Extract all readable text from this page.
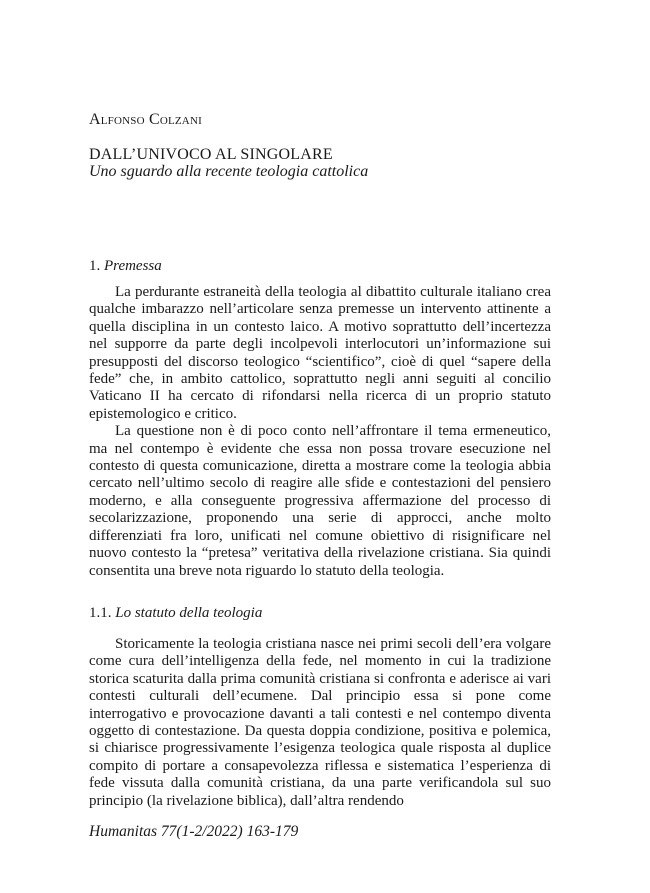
Alfonso Colzani
DALL’UNIVOCO AL SINGOLARE
Uno sguardo alla recente teologia cattolica
1. Premessa

La perdurante estraneità della teologia al dibattito culturale italiano crea qualche imbarazzo nell’articolare senza premesse un intervento attinente a quella disciplina in un contesto laico. A motivo soprattutto dell’incertezza nel supporre da parte degli incolpevoli interlocutori un’informazione sui presupposti del discorso teologico “scientifico”, cioè di quel “sapere della fede” che, in ambito cattolico, soprattutto negli anni seguiti al concilio Vaticano II ha cercato di rifondarsi nella ricerca di un proprio statuto epistemologico e critico.

La questione non è di poco conto nell’affrontare il tema ermeneutico, ma nel contempo è evidente che essa non possa trovare esecuzione nel contesto di questa comunicazione, diretta a mostrare come la teologia abbia cercato nell’ultimo secolo di reagire alle sfide e contestazioni del pensiero moderno, e alla conseguente progressiva affermazione del processo di secolarizzazione, proponendo una serie di approcci, anche molto differenziati fra loro, unificati nel comune obiettivo di risignificare nel nuovo contesto la “pretesa” veritativa della rivelazione cristiana. Sia quindi consentita una breve nota riguardo lo statuto della teologia.

1.1. Lo statuto della teologia

Storicamente la teologia cristiana nasce nei primi secoli dell’era volgare come cura dell’intelligenza della fede, nel momento in cui la tradizione storica scaturita dalla prima comunità cristiana si confronta e aderisce ai vari contesti culturali dell’ecumene. Dal principio essa si pone come interrogativo e provocazione davanti a tali contesti e nel contempo diventa oggetto di contestazione. Da questa doppia condizione, positiva e polemica, si chiarisce progressivamente l’esigenza teologica quale risposta al duplice compito di portare a consapevolezza riflessa e sistematica l’esperienza di fede vissuta dalla comunità cristiana, da una parte verificandola sul suo principio (la rivelazione biblica), dall’altra rendendo

Humanitas 77(1-2/2022) 163-179
